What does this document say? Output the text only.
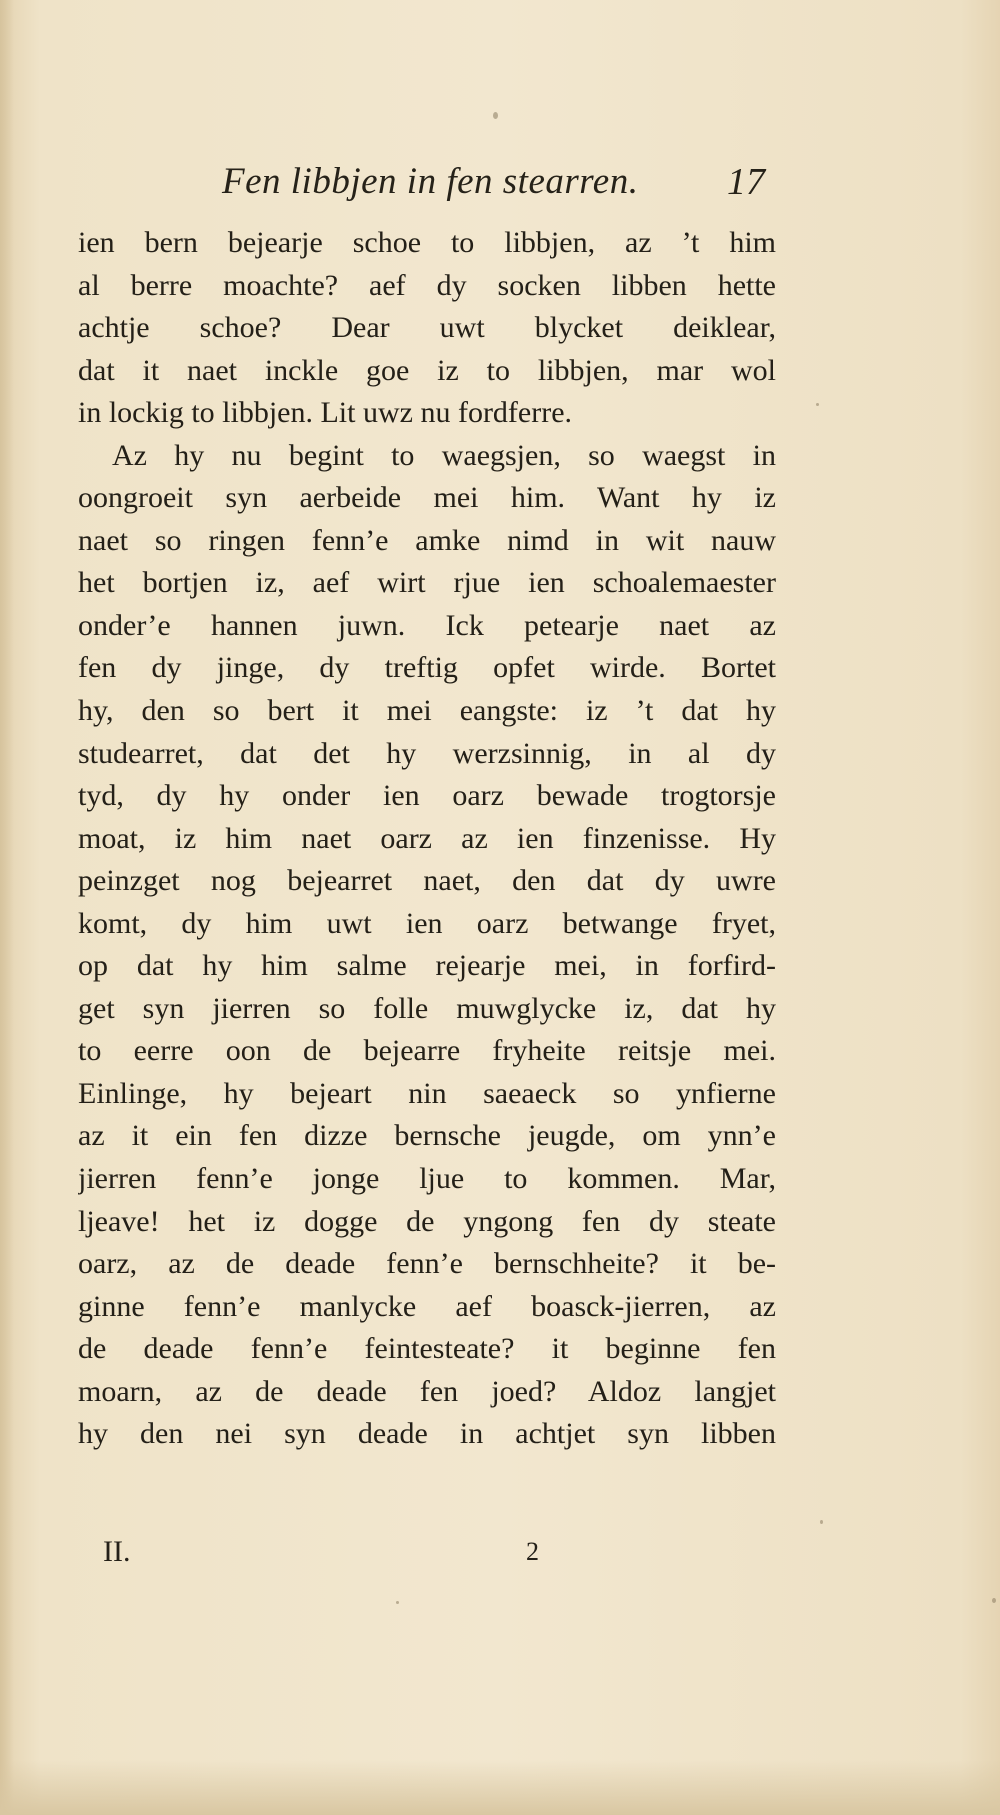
Fen libbjen in fen stearren. 17
ien bern bejearje schoe to libbjen, az ’t him
al berre moachte? aef dy socken libben hette
achtje schoe? Dear uwt blycket deiklear,
dat it naet inckle goe iz to libbjen, mar wol
in lockig to libbjen. Lit uwz nu fordferre.
Az hy nu begint to waegsjen, so waegst in
oongroeit syn aerbeide mei him. Want hy iz
naet so ringen fenn’e amke nimd in wit nauw
het bortjen iz, aef wirt rjue ien schoalemaester
onder’e hannen juwn. Ick petearje naet az
fen dy jinge, dy treftig opfet wirde. Bortet
hy, den so bert it mei eangste: iz ’t dat hy
studearret, dat det hy werzsinnig, in al dy
tyd, dy hy onder ien oarz bewade trogtorsje
moat, iz him naet oarz az ien finzenisse. Hy
peinzget nog bejearret naet, den dat dy uwre
komt, dy him uwt ien oarz betwange fryet,
op dat hy him salme rejearje mei, in forfird-
get syn jierren so folle muwglycke iz, dat hy
to eerre oon de bejearre fryheite reitsje mei.
Einlinge, hy bejeart nin saeaeck so ynfierne
az it ein fen dizze bernsche jeugde, om ynn’e
jierren fenn’e jonge ljue to kommen. Mar,
ljeave! het iz dogge de yngong fen dy steate
oarz, az de deade fenn’e bernschheite? it be-
ginne fenn’e manlycke aef boasck-jierren, az
de deade fenn’e feintesteate? it beginne fen
moarn, az de deade fen joed? Aldoz langjet
hy den nei syn deade in achtjet syn libben
II.	2
